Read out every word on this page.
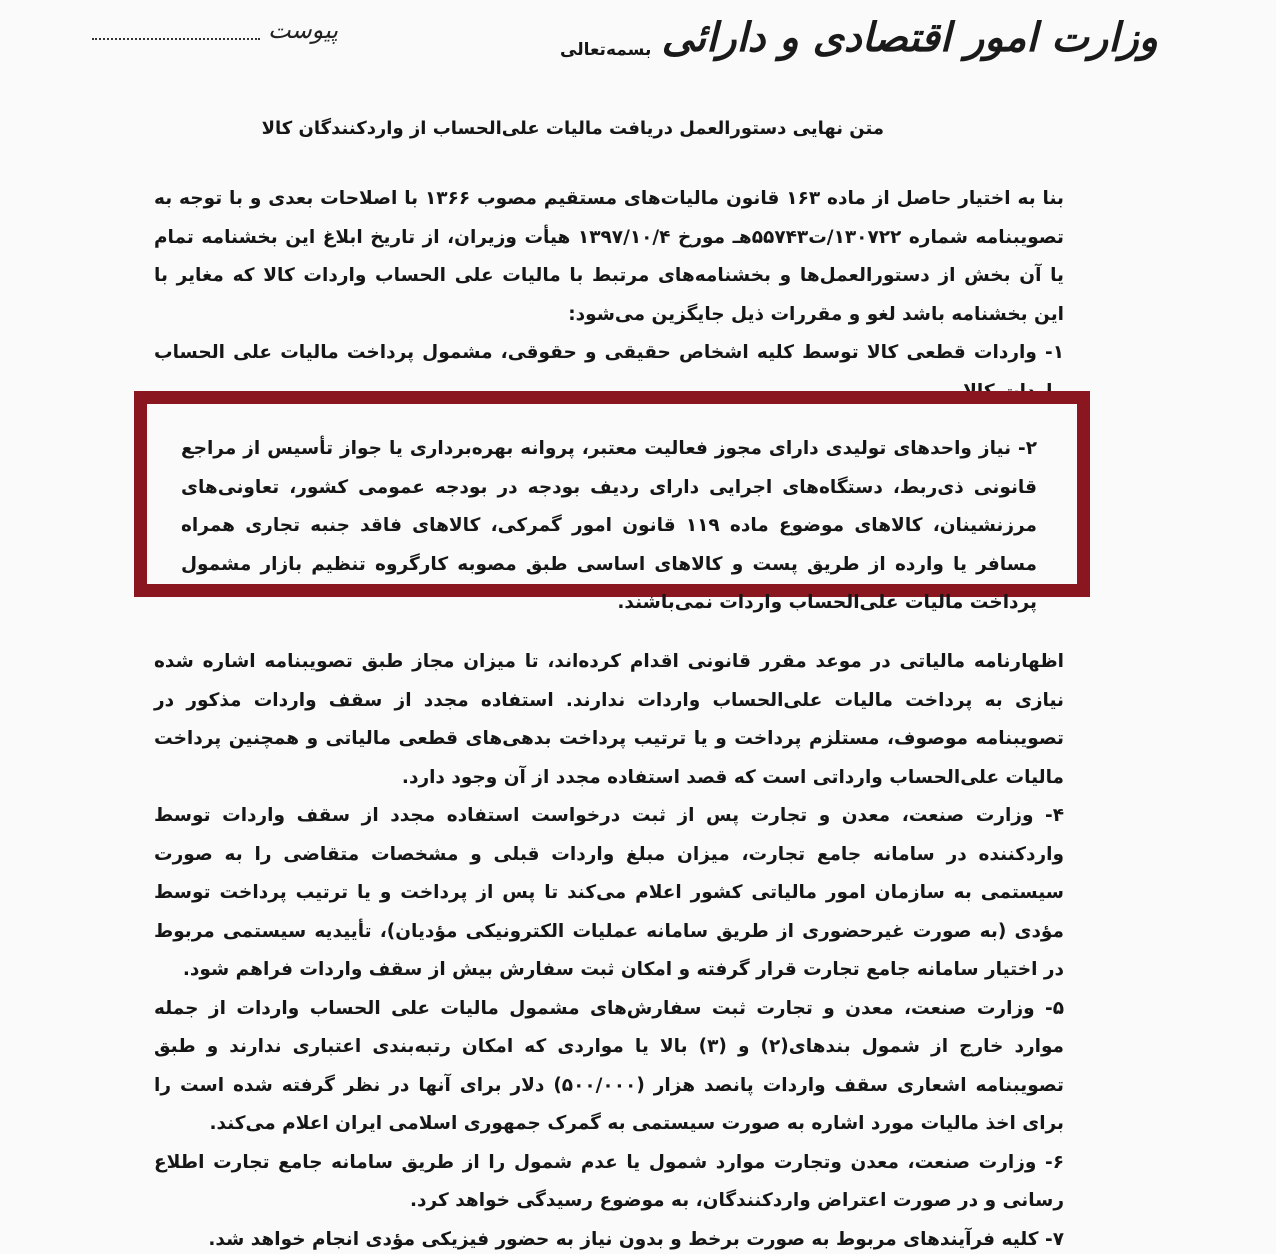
وزارت امور اقتصادی و دارائی
بسمه‌تعالی
پیوست
متن نهایی دستورالعمل دریافت مالیات علی‌الحساب از واردکنندگان کالا

بنا به اختیار حاصل از ماده ۱۶۳ قانون مالیات‌های مستقیم مصوب ۱۳۶۶ با اصلاحات بعدی و با توجه به تصویبنامه شماره ۱۳۰۷۲۲/ت۵۵۷۴۳هـ مورخ ۱۳۹۷/۱۰/۴ هیأت وزیران، از تاریخ ابلاغ این بخشنامه تمام یا آن بخش از دستورالعمل‌ها و بخشنامه‌های مرتبط با مالیات علی الحساب واردات کالا که مغایر با این بخشنامه باشد لغو و مقررات ذیل جایگزین می‌شود:

۱- واردات قطعی کالا توسط کلیه اشخاص حقیقی و حقوقی، مشمول پرداخت مالیات علی الحساب

اظهارنامه مالیاتی در موعد مقرر قانونی اقدام کرده‌اند، تا میزان مجاز طبق تصویبنامه اشاره شده نیازی به پرداخت مالیات علی‌الحساب واردات ندارند. استفاده مجدد از سقف واردات مذکور در تصویبنامه موصوف، مستلزم پرداخت و یا ترتیب پرداخت بدهی‌های قطعی مالیاتی و همچنین پرداخت مالیات علی‌الحساب وارداتی است که قصد استفاده مجدد از آن وجود دارد.

۴- وزارت صنعت، معدن و تجارت پس از ثبت درخواست استفاده مجدد از سقف واردات توسط واردکننده در سامانه جامع تجارت، میزان مبلغ واردات قبلی و مشخصات متقاضی را به صورت سیستمی به سازمان امور مالیاتی کشور اعلام می‌کند تا پس از پرداخت و یا ترتیب پرداخت توسط مؤدی (به صورت غیرحضوری از طریق سامانه عملیات الکترونیکی مؤدیان)، تأییدیه سیستمی مربوط در اختیار سامانه جامع تجارت قرار گرفته و امکان ثبت سفارش بیش از سقف واردات فراهم شود.

۵- وزارت صنعت، معدن و تجارت ثبت سفارش‌های مشمول مالیات علی الحساب واردات از جمله موارد خارج از شمول بندهای(۲) و (۳) بالا یا مواردی که امکان رتبه‌بندی اعتباری ندارند و طبق تصویبنامه اشعاری سقف واردات پانصد هزار (۵۰۰/۰۰۰) دلار برای آنها در نظر گرفته شده است را برای اخذ مالیات مورد اشاره به صورت سیستمی به گمرک جمهوری اسلامی ایران اعلام می‌کند.

۶- وزارت صنعت، معدن وتجارت موارد شمول یا عدم شمول را از طریق سامانه جامع تجارت اطلاع رسانی و در صورت اعتراض واردکنندگان، به موضوع رسیدگی خواهد کرد.

۷- کلیه فرآیندهای مربوط به صورت برخط و بدون نیاز به حضور فیزیکی مؤدی انجام خواهد شد.

۲- نیاز واحدهای تولیدی دارای مجوز فعالیت معتبر، پروانه بهره‌برداری یا جواز تأسیس از مراجع قانونی ذی‌ربط، دستگاه‌های اجرایی دارای ردیف بودجه در بودجه عمومی کشور، تعاونی‌های مرزنشینان، کالاهای موضوع ماده ۱۱۹ قانون امور گمرکی، کالاهای فاقد جنبه تجاری همراه مسافر یا وارده از طریق پست و کالاهای اساسی طبق مصوبه کارگروه تنظیم بازار مشمول پرداخت مالیات علی‌الحساب واردات نمی‌باشند.
